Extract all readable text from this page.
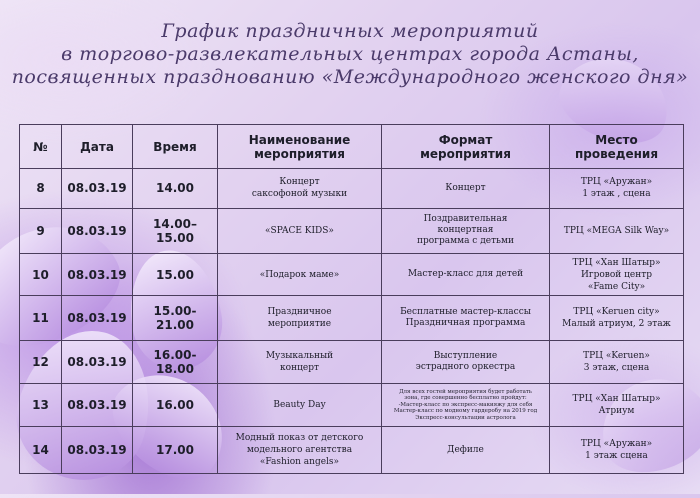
График праздничных мероприятий
в торгово-развлекательных центрах города Астаны,
посвященных празднованию «Международного женского дня»
№	Дата	Время	Наименование
мероприятия	Формат
мероприятия	Место
проведения
8	08.03.19	14.00	Концерт
саксофоной музыки	Концерт	ТРЦ «Аружан»
1 этаж , сцена
9	08.03.19	14.00–15.00	«SPACE KIDS»	Поздравительная
концертная
программа с детьми	ТРЦ «MEGA Silk Way»
10	08.03.19	15.00	«Подарок маме»	Мастер-класс для детей	ТРЦ «Хан Шатыр»
Игровой центр
«Fame City»
11	08.03.19	15.00-21.00	Праздничное
мероприятие	Бесплатные мастер-классы
Праздничная программа	ТРЦ «Keruen city»
Малый атриум, 2 этаж
12	08.03.19	16.00-18.00	Музыкальный
концерт	Выступление
эстрадного оркестра	ТРЦ «Keruen»
3 этаж, сцена
13	08.03.19	16.00	Beauty Day	Для всех гостей мероприятия будет работать
зона, где совершенно бесплатно пройдут:
-Мастер-класс по экспресс-макияжу для себя
Мастер-класс по модному гардеробу на 2019 год
Экспресс-консультации астролога	ТРЦ «Хан Шатыр»
Атриум
14	08.03.19	17.00	Модный показ от детского
модельного агентства
«Fashion angels»	Дефиле	ТРЦ «Аружан»
1 этаж сцена
